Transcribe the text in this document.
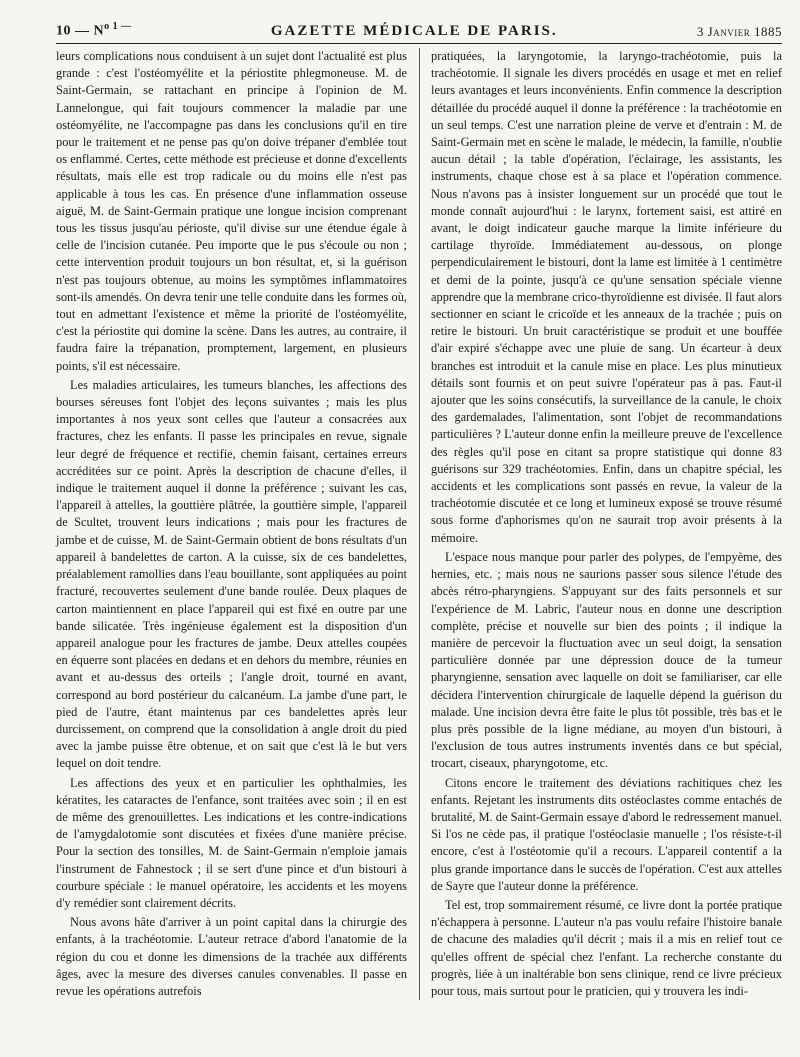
10 — $N^{o 1 —}$	GAZETTE MÉDICALE DE PARIS.	3 Janvier 1885

leurs complications nous conduisent à un sujet dont l'actualité est plus grande : c'est l'ostéomyélite et la périostite phlegmoneuse. M. de Saint-Germain, se rattachant en principe à l'opinion de M. Lannelongue, qui fait toujours commencer la maladie par une ostéomyélite, ne l'accompagne pas dans les conclusions qu'il en tire pour le traitement et ne pense pas qu'on doive trépaner d'emblée tout os enflammé. Certes, cette méthode est précieuse et donne d'excellents résultats, mais elle est trop radicale ou du moins elle n'est pas applicable à tous les cas. En présence d'une inflammation osseuse aiguë, M. de Saint-Germain pratique une longue incision comprenant tous les tissus jusqu'au périoste, qu'il divise sur une étendue égale à celle de l'incision cutanée. Peu importe que le pus s'écoule ou non ; cette intervention produit toujours un bon résultat, et, si la guérison n'est pas toujours obtenue, au moins les symptômes inflammatoires sont-ils amendés. On devra tenir une telle conduite dans les formes où, tout en admettant l'existence et même la priorité de l'ostéomyélite, c'est la périostite qui domine la scène. Dans les autres, au contraire, il faudra faire la trépanation, promptement, largement, en plusieurs points, s'il est nécessaire.

Les maladies articulaires, les tumeurs blanches, les affections des bourses séreuses font l'objet des leçons suivantes ; mais les plus importantes à nos yeux sont celles que l'auteur a consacrées aux fractures, chez les enfants. Il passe les principales en revue, signale leur degré de fréquence et rectifie, chemin faisant, certaines erreurs accréditées sur ce point. Après la description de chacune d'elles, il indique le traitement auquel il donne la préférence ; suivant les cas, l'appareil à attelles, la gouttière plâtrée, la gouttière simple, l'appareil de Scultet, trouvent leurs indications ; mais pour les fractures de jambe et de cuisse, M. de Saint-Germain obtient de bons résultats d'un appareil à bandelettes de carton. A la cuisse, six de ces bandelettes, préalablement ramollies dans l'eau bouillante, sont appliquées au point fracturé, recouvertes seulement d'une bande roulée. Deux plaques de carton maintiennent en place l'appareil qui est fixé en outre par une bande silicatée. Très ingénieuse également est la disposition d'un appareil analogue pour les fractures de jambe. Deux attelles coupées en équerre sont placées en dedans et en dehors du membre, réunies en avant et au-dessus des orteils ; l'angle droit, tourné en avant, correspond au bord postérieur du calcanéum. La jambe d'une part, le pied de l'autre, étant maintenus par ces bandelettes après leur durcissement, on comprend que la consolidation à angle droit du pied avec la jambe puisse être obtenue, et on sait que c'est là le but vers lequel on doit tendre.

Les affections des yeux et en particulier les ophthalmies, les kératites, les cataractes de l'enfance, sont traitées avec soin ; il en est de même des grenouillettes. Les indications et les contre-indications de l'amygdalotomie sont discutées et fixées d'une manière précise. Pour la section des tonsilles, M. de Saint-Germain n'emploie jamais l'instrument de Fahnestock ; il se sert d'une pince et d'un bistouri à courbure spéciale : le manuel opératoire, les accidents et les moyens d'y remédier sont clairement décrits.

Nous avons hâte d'arriver à un point capital dans la chirurgie des enfants, à la trachéotomie. L'auteur retrace d'abord l'anatomie de la région du cou et donne les dimensions de la trachée aux différents âges, avec la mesure des diverses canules convenables. Il passe en revue les opérations autrefois

pratiquées, la laryngotomie, la laryngo-trachéotomie, puis la trachéotomie. Il signale les divers procédés en usage et met en relief leurs avantages et leurs inconvénients. Enfin commence la description détaillée du procédé auquel il donne la préférence : la trachéotomie en un seul temps. C'est une narration pleine de verve et d'entrain : M. de Saint-Germain met en scène le malade, le médecin, la famille, n'oublie aucun détail ; la table d'opération, l'éclairage, les assistants, les instruments, chaque chose est à sa place et l'opération commence. Nous n'avons pas à insister longuement sur un procédé que tout le monde connaît aujourd'hui : le larynx, fortement saisi, est attiré en avant, le doigt indicateur gauche marque la limite inférieure du cartilage thyroïde. Immédiatement au-dessous, on plonge perpendiculairement le bistouri, dont la lame est limitée à 1 centimètre et demi de la pointe, jusqu'à ce qu'une sensation spéciale vienne apprendre que la membrane crico-thyroïdienne est divisée. Il faut alors sectionner en sciant le cricoïde et les anneaux de la trachée ; puis on retire le bistouri. Un bruit caractéristique se produit et une bouffée d'air expiré s'échappe avec une pluie de sang. Un écarteur à deux branches est introduit et la canule mise en place. Les plus minutieux détails sont fournis et on peut suivre l'opérateur pas à pas. Faut-il ajouter que les soins consécutifs, la surveillance de la canule, le choix des gardemalades, l'alimentation, sont l'objet de recommandations particulières ? L'auteur donne enfin la meilleure preuve de l'excellence des règles qu'il pose en citant sa propre statistique qui donne 83 guérisons sur 329 trachéotomies. Enfin, dans un chapitre spécial, les accidents et les complications sont passés en revue, la valeur de la trachéotomie discutée et ce long et lumineux exposé se trouve résumé sous forme d'aphorismes qu'on ne saurait trop avoir présents à la mémoire.

L'espace nous manque pour parler des polypes, de l'empyème, des hernies, etc. ; mais nous ne saurions passer sous silence l'étude des abcès rétro-pharyngiens. S'appuyant sur des faits personnels et sur l'expérience de M. Labric, l'auteur nous en donne une description complète, précise et nouvelle sur bien des points ; il indique la manière de percevoir la fluctuation avec un seul doigt, la sensation particulière donnée par une dépression douce de la tumeur pharyngienne, sensation avec laquelle on doit se familiariser, car elle décidera l'intervention chirurgicale de laquelle dépend la guérison du malade. Une incision devra être faite le plus tôt possible, très bas et le plus près possible de la ligne médiane, au moyen d'un bistouri, à l'exclusion de tous autres instruments inventés dans ce but spécial, trocart, ciseaux, pharyngotome, etc.

Citons encore le traitement des déviations rachitiques chez les enfants. Rejetant les instruments dits ostéoclastes comme entachés de brutalité, M. de Saint-Germain essaye d'abord le redressement manuel. Si l'os ne cède pas, il pratique l'ostéoclasie manuelle ; l'os résiste-t-il encore, c'est à l'ostéotomie qu'il a recours. L'appareil contentif a la plus grande importance dans le succès de l'opération. C'est aux attelles de Sayre que l'auteur donne la préférence.

Tel est, trop sommairement résumé, ce livre dont la portée pratique n'échappera à personne. L'auteur n'a pas voulu refaire l'histoire banale de chacune des maladies qu'il décrit ; mais il a mis en relief tout ce qu'elles offrent de spécial chez l'enfant. La recherche constante du progrès, liée à un inaltérable bon sens clinique, rend ce livre précieux pour tous, mais surtout pour le praticien, qui y trouvera les indi-
